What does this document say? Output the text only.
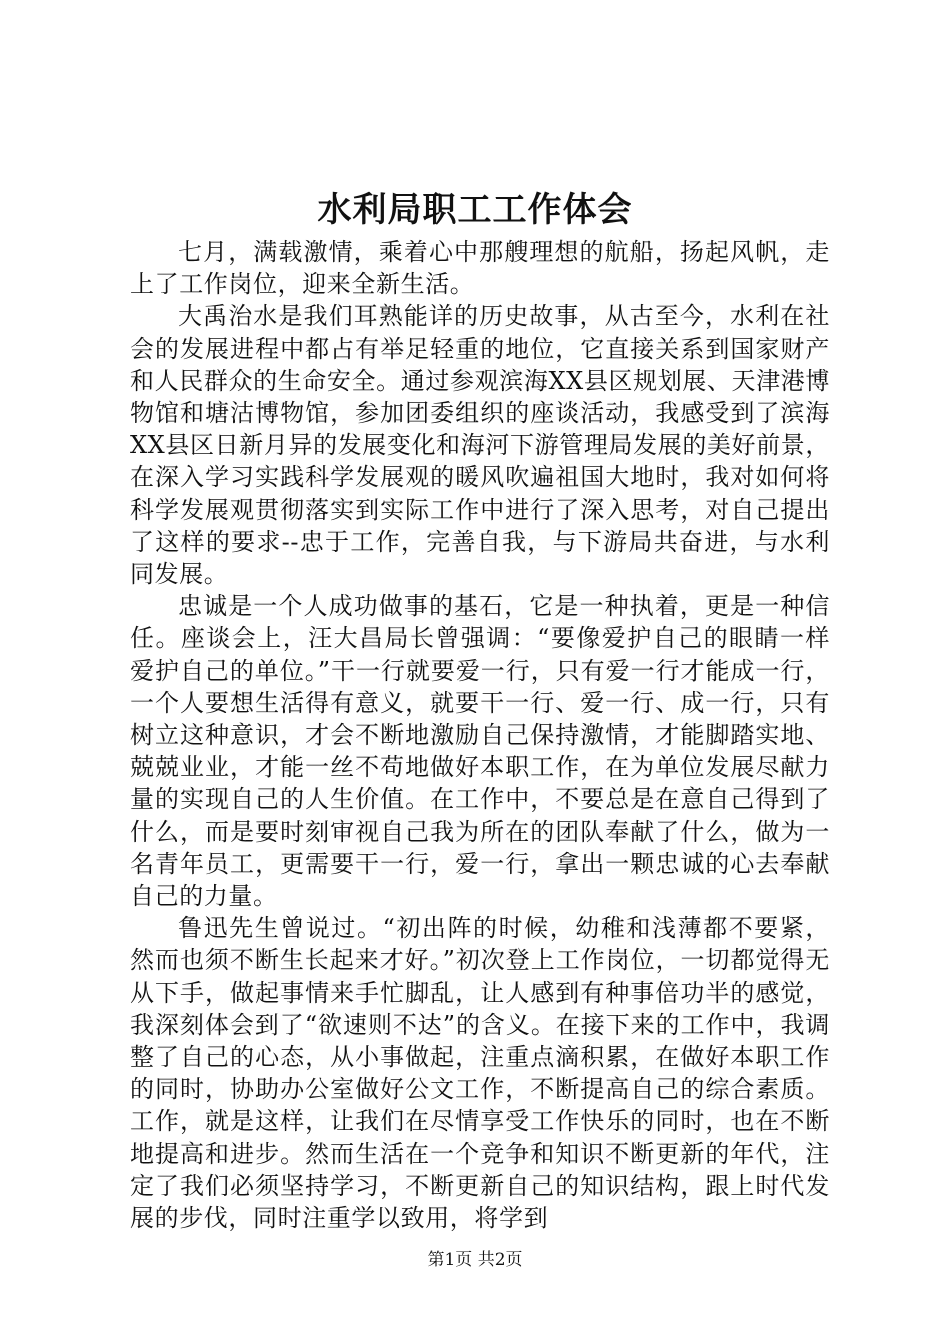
水利局职工工作体会

七月，满载激情，乘着心中那艘理想的航船，扬起风帆，走上了工作岗位，迎来全新生活。

大禹治水是我们耳熟能详的历史故事，从古至今，水利在社会的发展进程中都占有举足轻重的地位，它直接关系到国家财产和人民群众的生命安全。通过参观滨海XX县区规划展、天津港博物馆和塘沽博物馆，参加团委组织的座谈活动，我感受到了滨海XX县区日新月异的发展变化和海河下游管理局发展的美好前景，在深入学习实践科学发展观的暖风吹遍祖国大地时，我对如何将科学发展观贯彻落实到实际工作中进行了深入思考，对自己提出了这样的要求--忠于工作，完善自我，与下游局共奋进，与水利同发展。

忠诚是一个人成功做事的基石，它是一种执着，更是一种信任。座谈会上，汪大昌局长曾强调：“要像爱护自己的眼睛一样爱护自己的单位。”干一行就要爱一行，只有爱一行才能成一行，一个人要想生活得有意义，就要干一行、爱一行、成一行，只有树立这种意识，才会不断地激励自己保持激情，才能脚踏实地、兢兢业业，才能一丝不苟地做好本职工作，在为单位发展尽献力量的实现自己的人生价值。在工作中，不要总是在意自己得到了什么，而是要时刻审视自己我为所在的团队奉献了什么，做为一名青年员工，更需要干一行，爱一行，拿出一颗忠诚的心去奉献自己的力量。

鲁迅先生曾说过。“初出阵的时候，幼稚和浅薄都不要紧，然而也须不断生长起来才好。”初次登上工作岗位，一切都觉得无从下手，做起事情来手忙脚乱，让人感到有种事倍功半的感觉，我深刻体会到了“欲速则不达”的含义。在接下来的工作中，我调整了自己的心态，从小事做起，注重点滴积累，在做好本职工作的同时，协助办公室做好公文工作，不断提高自己的综合素质。工作，就是这样，让我们在尽情享受工作快乐的同时，也在不断地提高和进步。然而生活在一个竞争和知识不断更新的年代，注定了我们必须坚持学习，不断更新自己的知识结构，跟上时代发展的步伐，同时注重学以致用，将学到

第1页 共2页
